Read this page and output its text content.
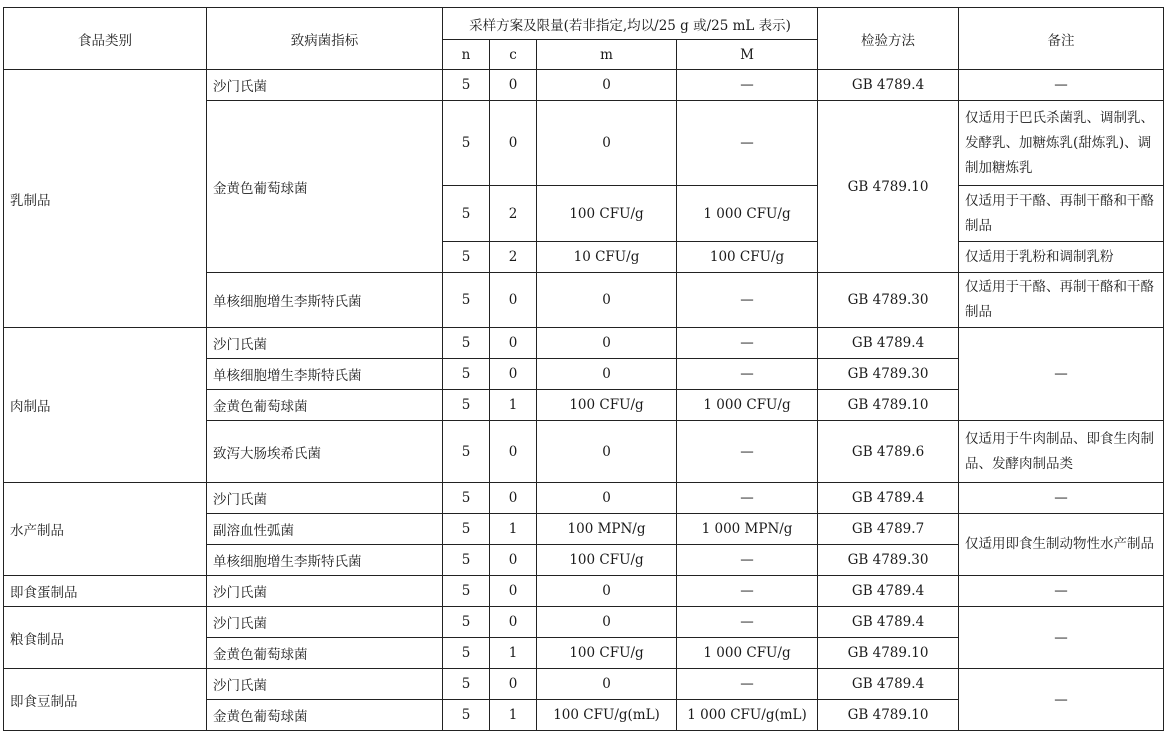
食品类别	致病菌指标	采样方案及限量(若非指定,均以/25 g 或/25 mL 表示)				检验方法	备注
		n	c	m	M		
乳制品	沙门氏菌	5	0	0	—	GB 4789.4	—
	金黄色葡萄球菌	5	0	0	—	GB 4789.10	仅适用于巴氏杀菌乳、调制乳、发酵乳、加糖炼乳(甜炼乳)、调制加糖炼乳
		5	2	100 CFU/g	1 000 CFU/g		仅适用于干酪、再制干酪和干酪制品
		5	2	10 CFU/g	100 CFU/g		仅适用于乳粉和调制乳粉
	单核细胞增生李斯特氏菌	5	0	0	—	GB 4789.30	仅适用于干酪、再制干酪和干酪制品
肉制品	沙门氏菌	5	0	0	—	GB 4789.4	—
	单核细胞增生李斯特氏菌	5	0	0	—	GB 4789.30	
	金黄色葡萄球菌	5	1	100 CFU/g	1 000 CFU/g	GB 4789.10	
	致泻大肠埃希氏菌	5	0	0	—	GB 4789.6	仅适用于牛肉制品、即食生肉制品、发酵肉制品类
水产制品	沙门氏菌	5	0	0	—	GB 4789.4	—
	副溶血性弧菌	5	1	100 MPN/g	1 000 MPN/g	GB 4789.7	仅适用即食生制动物性水产制品
	单核细胞增生李斯特氏菌	5	0	100 CFU/g	—	GB 4789.30	
即食蛋制品	沙门氏菌	5	0	0	—	GB 4789.4	—
粮食制品	沙门氏菌	5	0	0	—	GB 4789.4	—
	金黄色葡萄球菌	5	1	100 CFU/g	1 000 CFU/g	GB 4789.10	
即食豆制品	沙门氏菌	5	0	0	—	GB 4789.4	—
	金黄色葡萄球菌	5	1	100 CFU/g(mL)	1 000 CFU/g(mL)	GB 4789.10	
